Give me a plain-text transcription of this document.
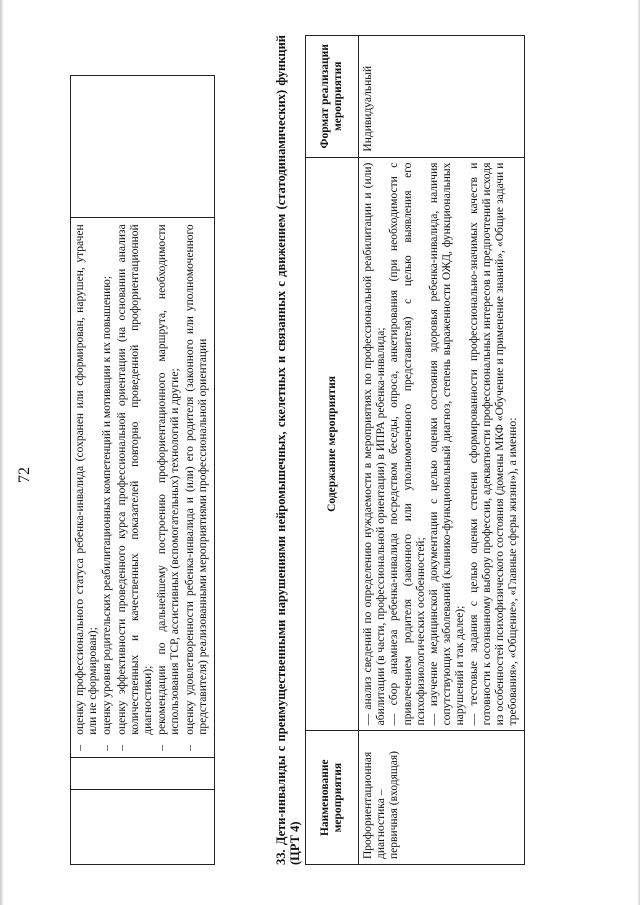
72

–
оценку профессионального статуса ребенка-инвалида (сохранен или сформирован, нарушен, утрачен или не сформирован);
–
оценку уровня родительских реабилитационных компетенций и мотивации к их повышению;
–
оценку эффективности проведенного курса профессиональной ориентации (на основании анализа количественных и качественных показателей повторно проведенной профориентационной диагностики);
–
рекомендации по дальнейшему построению профориентационного маршрута, необходимости использования ТСР, ассистивных (вспомогательных) технологий и другие;
–
оценку удовлетворенности ребенка-инвалида и (или) его родителя (законного или уполномоченного представителя) реализованными мероприятиями профессиональной ориентации
		33. Дети-инвалиды с преимущественными нарушениями нейромышечных, скелетных и связанных с движением (статодинамических) функций (ЦРТ 4)
Наименование мероприятия	Содержание мероприятия	Формат реализации мероприятия
Профориентационная диагностика – первичная (входящая)	— анализ сведений по определению нуждаемости в мероприятиях по профессиональной реабилитации и (или) абилитации (в части, профессиональной ориентации) в ИПРА ребенка-инвалида; — сбор анамнеза ребенка-инвалида посредством беседы, опроса, анкетирования (при необходимости с привлечением родителя (законного или уполномоченного представителя) с целью выявления его психофизиологических особенностей; — изучение медицинской документации с целью оценки состояния здоровья ребенка-инвалида, наличия сопутствующих заболеваний (клинико-функциональный диагноз, степень выраженности ОЖД, функциональных нарушений и так далее); — тестовые задания с целью оценки степени сформированности профессионально-значимых качеств и готовности к осознанному выбору профессии, адекватности профессиональных интересов и предпочтений исходя из особенностей психофизического состояния (домены МКФ «Обучение и применение знаний», «Общие задачи и требования», «Общение», «Главные сферы жизни»), а именно:	Индивидуальный
